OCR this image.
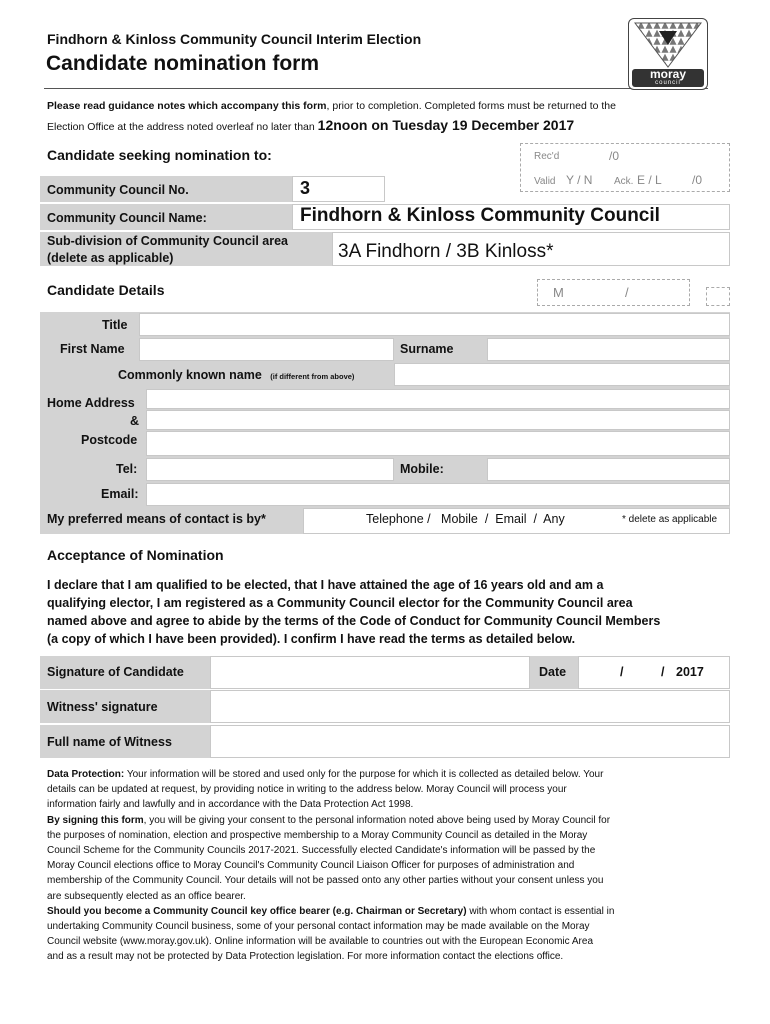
Findhorn & Kinloss Community Council Interim Election
Candidate nomination form	moray
council
Please read guidance notes which accompany this form, prior to completion. Completed forms must be returned to the
Election Office at the address noted overleaf no later than 12noon on Tuesday 19 December 2017
Rec'd	/0
Valid Y / N Ack. E / L	/0
Candidate seeking nomination to:
Community Council No.	3
Community Council Name:	Findhorn & Kinloss Community Council
Sub-division of Community Council area
(delete as applicable)	3A Findhorn / 3B Kinloss*
Candidate Details	M	/
Title
First Name	Surname
Commonly known name (if different from above)
Home Address
&
Postcode
Tel:	Mobile:
Email:
My preferred means of contact is by*	Telephone /   Mobile  /  Email  /  Any	* delete as applicable
Acceptance of Nomination
I declare that I am qualified to be elected, that I have attained the age of 16 years old and am a
qualifying elector, I am registered as a Community Council elector for the Community Council area
named above and agree to abide by the terms of the Code of Conduct for Community Council Members
(a copy of which I have been provided). I confirm I have read the terms as detailed below.
Signature of Candidate	Date	/	/ 2017
Witness' signature
Full name of Witness
Data Protection: Your information will be stored and used only for the purpose for which it is collected as detailed below. Your
details can be updated at request, by providing notice in writing to the address below. Moray Council will process your
information fairly and lawfully and in accordance with the Data Protection Act 1998.
By signing this form, you will be giving your consent to the personal information noted above being used by Moray Council for
the purposes of nomination, election and prospective membership to a Moray Community Council as detailed in the Moray
Council Scheme for the Community Councils 2017-2021. Successfully elected Candidate's information will be passed by the
Moray Council elections office to Moray Council's Community Council Liaison Officer for purposes of administration and
membership of the Community Council. Your details will not be passed onto any other parties without your consent unless you
are subsequently elected as an office bearer.
Should you become a Community Council key office bearer (e.g. Chairman or Secretary) with whom contact is essential in
undertaking Community Council business, some of your personal contact information may be made available on the Moray
Council website (www.moray.gov.uk). Online information will be available to countries out with the European Economic Area
and as a result may not be protected by Data Protection legislation. For more information contact the elections office.
